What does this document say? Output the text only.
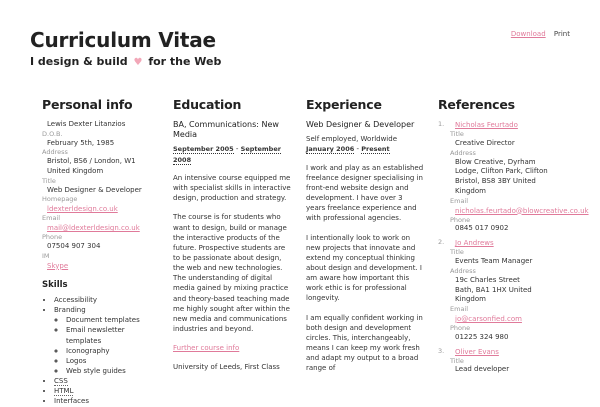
Curriculum Vitae
I design & build ♥ for the Web
Download Print
Personal info
Lewis Dexter Litanzios
D.O.B.
February 5th, 1985
Address
Bristol, BS6 / London, W1
United Kingdom
Title
Web Designer & Developer
Homepage
ldexterldesign.co.uk
Email
mail@ldexterldesign.co.uk
Phone
07504 907 304
IM
Skype
Skills
• Accessibility
• Branding
◦ Document templates
◦ Email newsletter templates
◦ Iconography
◦ Logos
◦ Web style guides
• CSS
• HTML
• Interfaces
Education
BA, Communications: New Media
September 2005 - September 2008

An intensive course equipped me with specialist skills in interactive design, production and strategy.

The course is for students who want to design, build or manage the interactive products of the future. Prospective students are to be passionate about design, the web and new technologies. The understanding of digital media gained by mixing practice and theory-based teaching made me highly sought after within the new media and communications industries and beyond.

Further course info

University of Leeds, First Class

Experience
Web Designer & Developer
Self employed, Worldwide
January 2006 - Present

I work and play as an established freelance designer specialising in front-end website design and development. I have over 3 years freelance experience and with professional agencies.

I intentionally look to work on new projects that innovate and extend my conceptual thinking about design and development. I am aware how important this work ethic is for professional longevity.

I am equally confident working in both design and development circles. This, interchangeably, means I can keep my work fresh and adapt my output to a broad range of

References
1.	Nicholas Feurtado
Title
Creative Director
Address
Blow Creative, Dyrham
Lodge, Clifton Park, Clifton
Bristol, BS8 3BY United
Kingdom
Email
nicholas.feurtado@blowcreative.co.uk
Phone
0845 017 0902
2.	Jo Andrews
Title
Events Team Manager
Address
19c Charles Street
Bath, BA1 1HX United
Kingdom
Email
jo@carsonfied.com
Phone
01225 324 980
3.	Oliver Evans
Title
Lead developer
